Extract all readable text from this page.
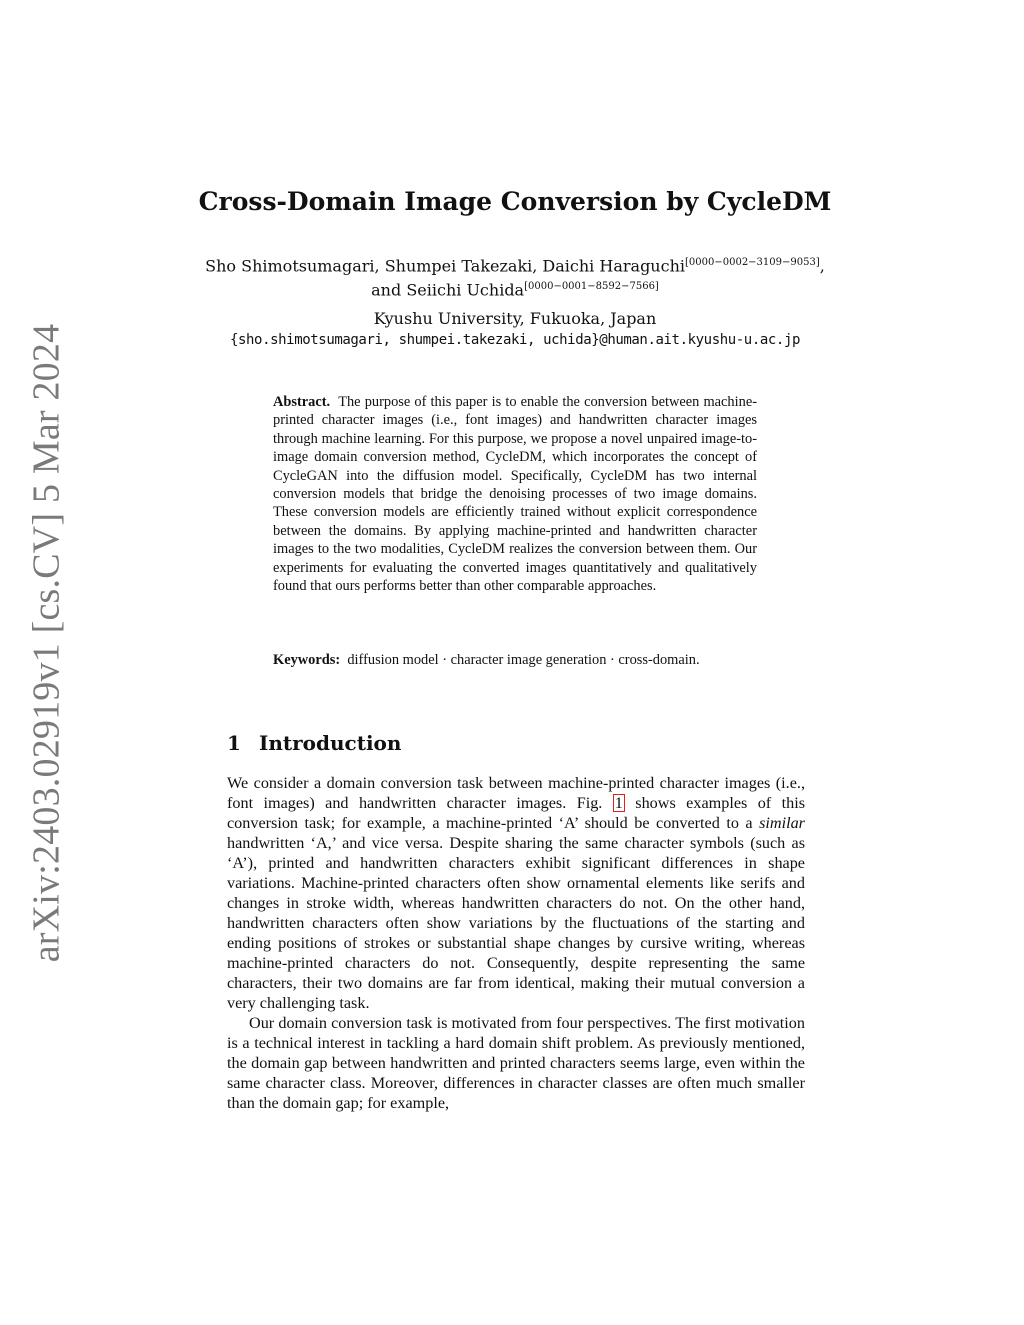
arXiv:2403.02919v1 [cs.CV] 5 Mar 2024
Cross-Domain Image Conversion by CycleDM
Sho Shimotsumagari, Shumpei Takezaki, Daichi Haraguchi[0000−0002−3109−9053],
and Seiichi Uchida[0000−0001−8592−7566]
Kyushu University, Fukuoka, Japan
{sho.shimotsumagari, shumpei.takezaki, uchida}@human.ait.kyushu-u.ac.jp
Abstract. The purpose of this paper is to enable the conversion between machine-printed character images (i.e., font images) and handwritten character images through machine learning. For this purpose, we propose a novel unpaired image-to-image domain conversion method, CycleDM, which incorporates the concept of CycleGAN into the diffusion model. Specifically, CycleDM has two internal conversion models that bridge the denoising processes of two image domains. These conversion models are efficiently trained without explicit correspondence between the domains. By applying machine-printed and handwritten character images to the two modalities, CycleDM realizes the conversion between them. Our experiments for evaluating the converted images quantitatively and qualitatively found that ours performs better than other comparable approaches.
Keywords: diffusion model · character image generation · cross-domain.
1 Introduction
We consider a domain conversion task between machine-printed character images (i.e., font images) and handwritten character images. Fig. 1 shows examples of this conversion task; for example, a machine-printed ‘A’ should be converted to a similar handwritten ‘A,’ and vice versa. Despite sharing the same character symbols (such as ‘A’), printed and handwritten characters exhibit significant differences in shape variations. Machine-printed characters often show ornamental elements like serifs and changes in stroke width, whereas handwritten characters do not. On the other hand, handwritten characters often show variations by the fluctuations of the starting and ending positions of strokes or substantial shape changes by cursive writing, whereas machine-printed characters do not. Consequently, despite representing the same characters, their two domains are far from identical, making their mutual conversion a very challenging task.
Our domain conversion task is motivated from four perspectives. The first motivation is a technical interest in tackling a hard domain shift problem. As previously mentioned, the domain gap between handwritten and printed characters seems large, even within the same character class. Moreover, differences in character classes are often much smaller than the domain gap; for example,
